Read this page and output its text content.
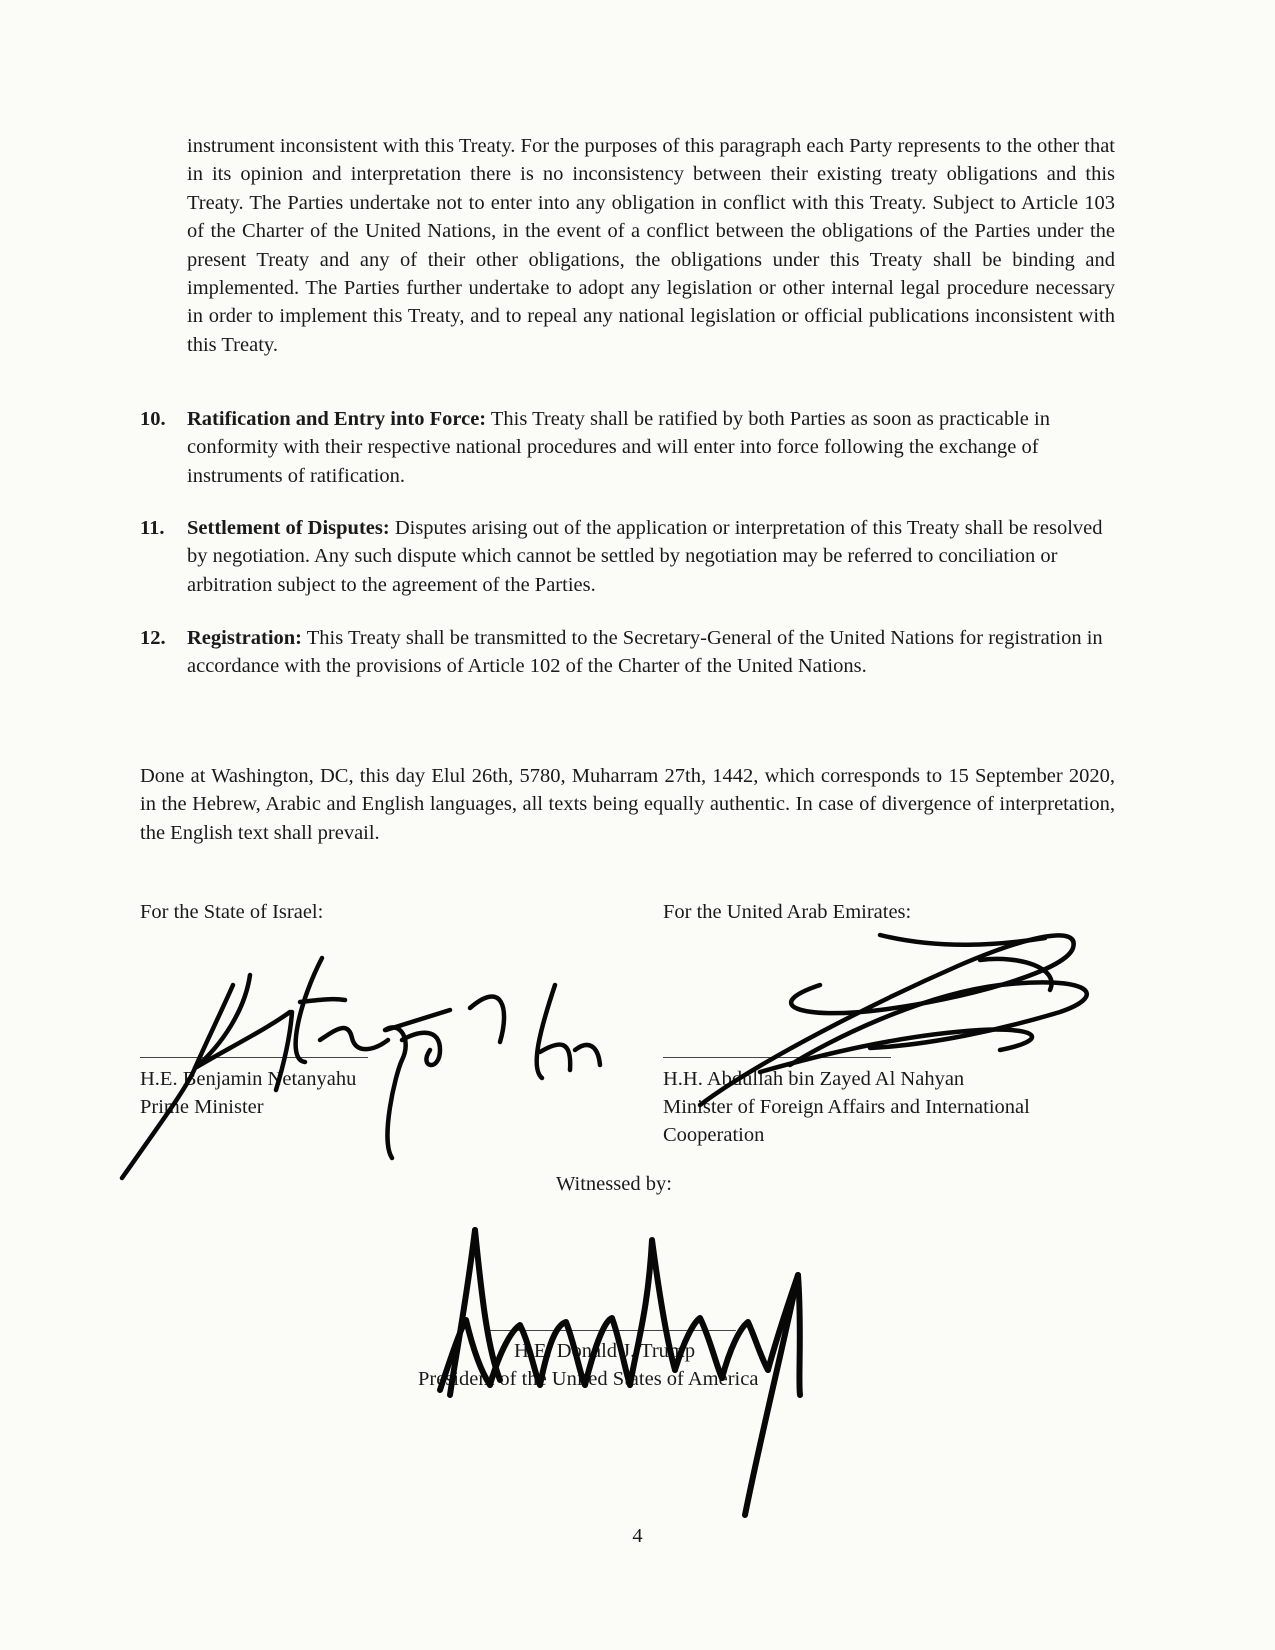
instrument inconsistent with this Treaty. For the purposes of this paragraph each Party represents to the other that in its opinion and interpretation there is no inconsistency between their existing treaty obligations and this Treaty. The Parties undertake not to enter into any obligation in conflict with this Treaty. Subject to Article 103 of the Charter of the United Nations, in the event of a conflict between the obligations of the Parties under the present Treaty and any of their other obligations, the obligations under this Treaty shall be binding and implemented. The Parties further undertake to adopt any legislation or other internal legal procedure necessary in order to implement this Treaty, and to repeal any national legislation or official publications inconsistent with this Treaty.
10. Ratification and Entry into Force: This Treaty shall be ratified by both Parties as soon as practicable in conformity with their respective national procedures and will enter into force following the exchange of instruments of ratification.
11. Settlement of Disputes: Disputes arising out of the application or interpretation of this Treaty shall be resolved by negotiation. Any such dispute which cannot be settled by negotiation may be referred to conciliation or arbitration subject to the agreement of the Parties.
12. Registration: This Treaty shall be transmitted to the Secretary-General of the United Nations for registration in accordance with the provisions of Article 102 of the Charter of the United Nations.
Done at Washington, DC, this day Elul 26th, 5780, Muharram 27th, 1442, which corresponds to 15 September 2020, in the Hebrew, Arabic and English languages, all texts being equally authentic. In case of divergence of interpretation, the English text shall prevail.
For the State of Israel:
H.E. Benjamin Netanyahu
Prime Minister
For the United Arab Emirates:
H.H. Abdullah bin Zayed Al Nahyan
Minister of Foreign Affairs and International
Cooperation
Witnessed by:
H.E. Donald J. Trump
President of the United States of America
4
